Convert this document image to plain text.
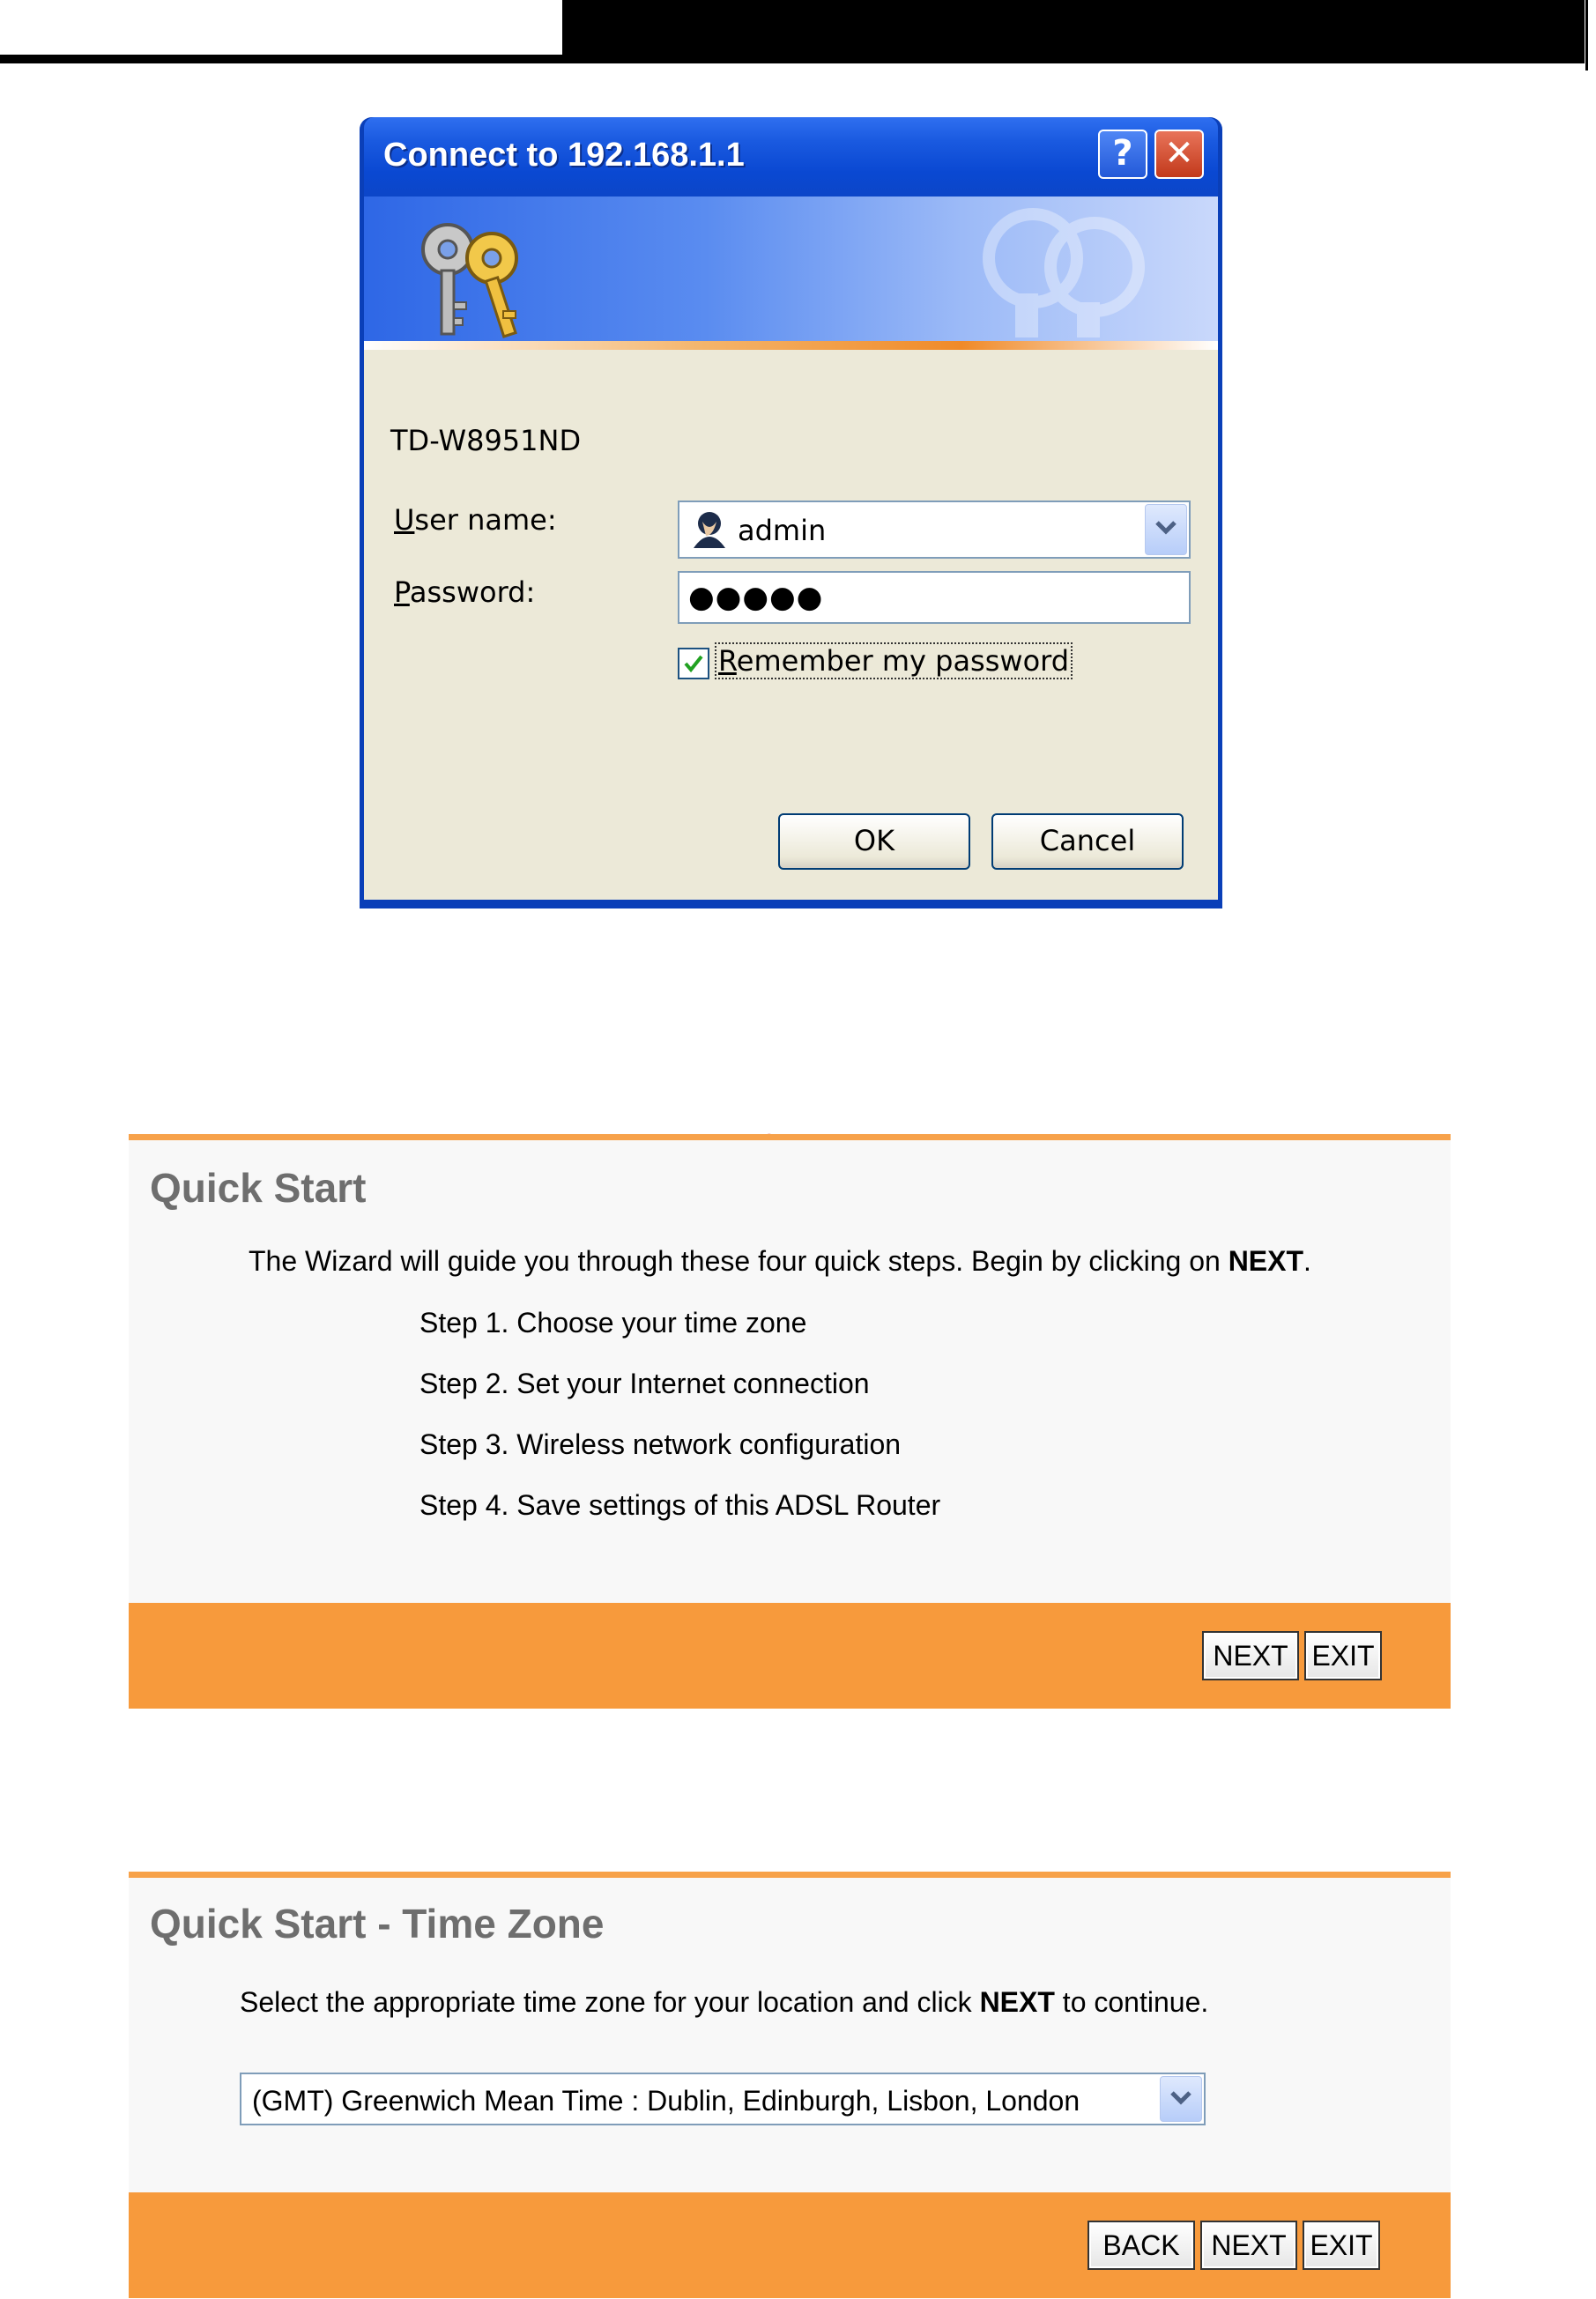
Connect to 192.168.1.1	? ✕
TD-W8951ND
User name:	admin
Password:	●●●●●
Remember my password
OK	Cancel
Quick Start
The Wizard will guide you through these four quick steps. Begin by clicking on NEXT.
Step 1. Choose your time zone
Step 2. Set your Internet connection
Step 3. Wireless network configuration
Step 4. Save settings of this ADSL Router
NEXT EXIT
Quick Start - Time Zone
Select the appropriate time zone for your location and click NEXT to continue.
(GMT) Greenwich Mean Time : Dublin, Edinburgh, Lisbon, London
BACK	NEXT EXIT
